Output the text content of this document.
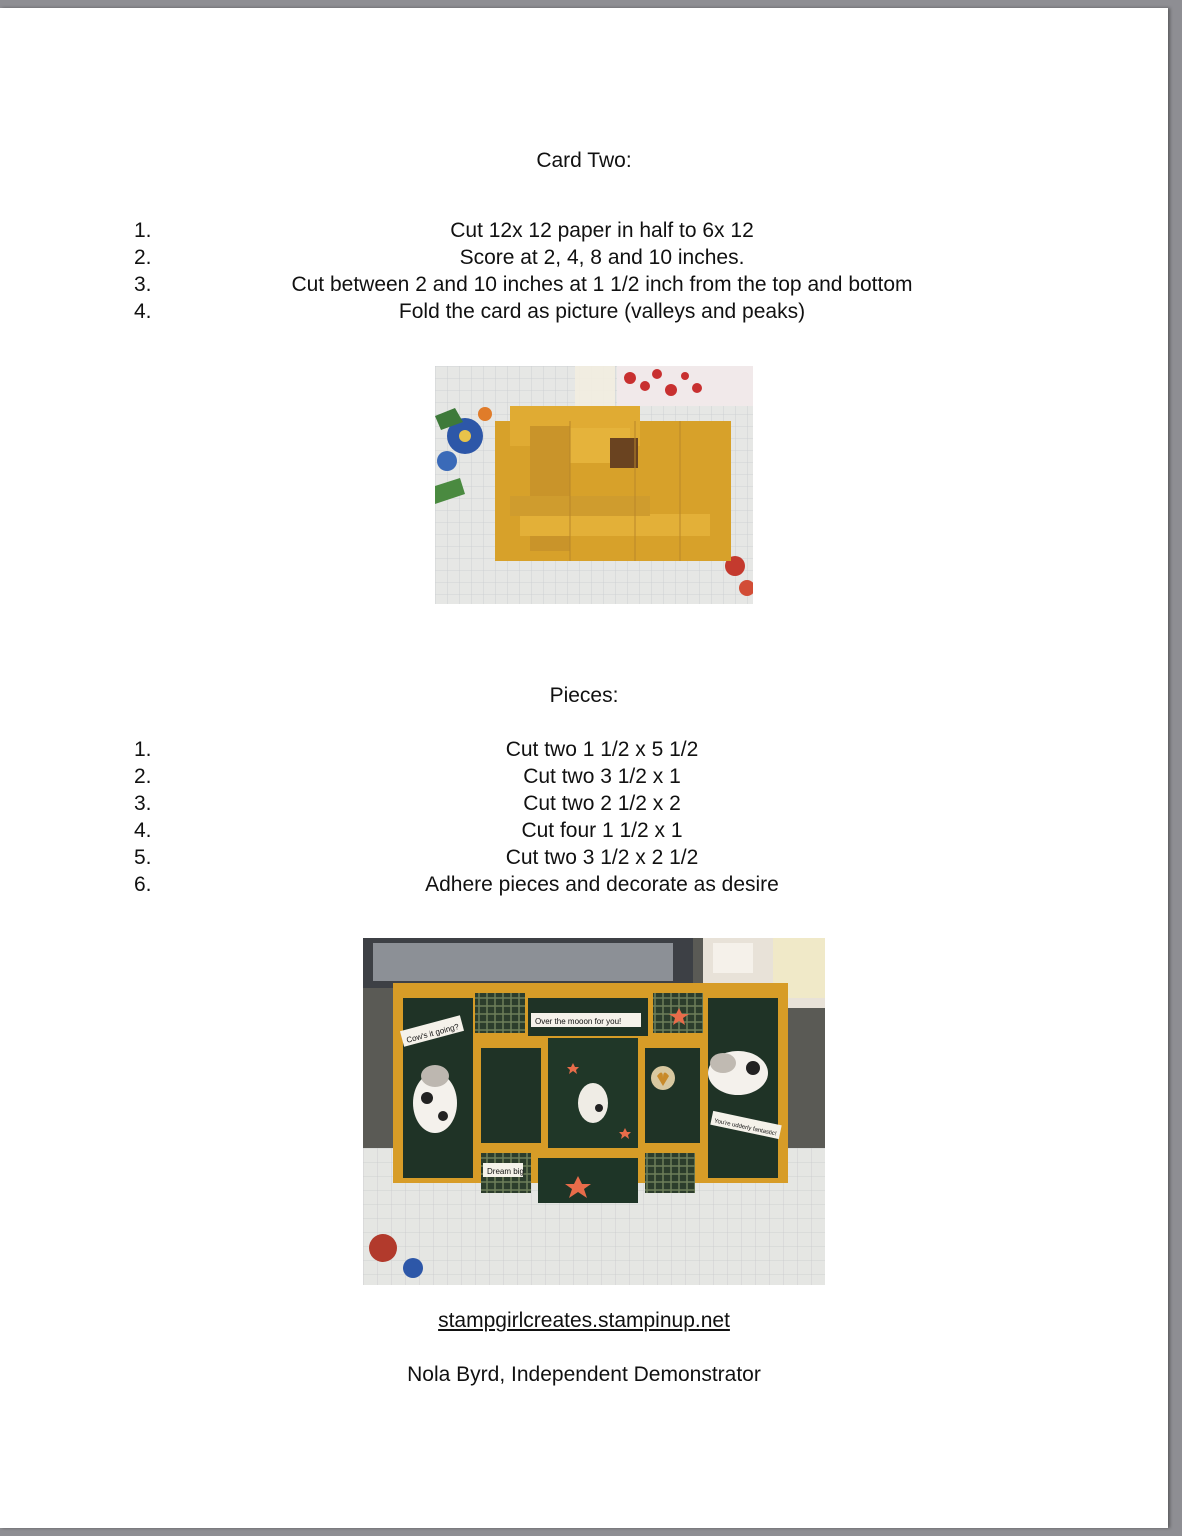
Card Two:
1.	Cut 12x 12 paper in half to 6x 12
2.	Score at 2, 4, 8 and 10 inches.
3.	Cut between 2 and 10 inches at 1 1/2 inch from the top and bottom
4.	Fold the card as picture (valleys and peaks)
Pieces:
1.	Cut two 1 1/2 x 5 1/2
2.	Cut two 3 1/2 x 1
3.	Cut two 2 1/2 x 2
4.	Cut four 1 1/2 x 1
5.	Cut two 3 1/2 x 2 1/2
6.	Adhere pieces and decorate as desire
Cow's it going?
Over the mooon for you!
Dream big
You're udderly fantastic!
stampgirlcreates.stampinup.net
Nola Byrd, Independent Demonstrator
